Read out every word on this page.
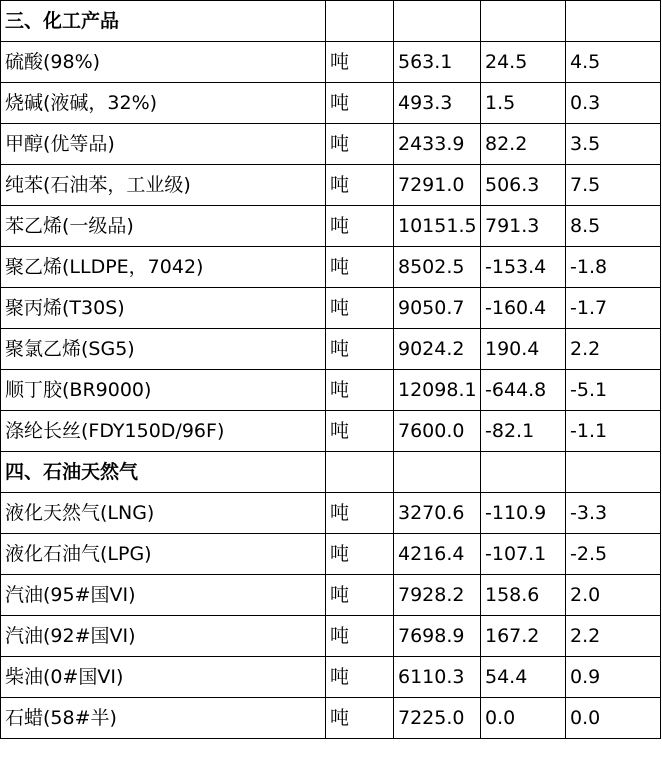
三、化工产品				
硫酸(98%)	吨	563.1	24.5	4.5
烧碱(液碱，32%)	吨	493.3	1.5	0.3
甲醇(优等品)	吨	2433.9	82.2	3.5
纯苯(石油苯，工业级)	吨	7291.0	506.3	7.5
苯乙烯(一级品)	吨	10151.5	791.3	8.5
聚乙烯(LLDPE，7042)	吨	8502.5	-153.4	-1.8
聚丙烯(T30S)	吨	9050.7	-160.4	-1.7
聚氯乙烯(SG5)	吨	9024.2	190.4	2.2
顺丁胶(BR9000)	吨	12098.1	-644.8	-5.1
涤纶长丝(FDY150D/96F)	吨	7600.0	-82.1	-1.1
四、石油天然气				
液化天然气(LNG)	吨	3270.6	-110.9	-3.3
液化石油气(LPG)	吨	4216.4	-107.1	-2.5
汽油(95#国VI)	吨	7928.2	158.6	2.0
汽油(92#国VI)	吨	7698.9	167.2	2.2
柴油(0#国VI)	吨	6110.3	54.4	0.9
石蜡(58#半)	吨	7225.0	0.0	0.0
